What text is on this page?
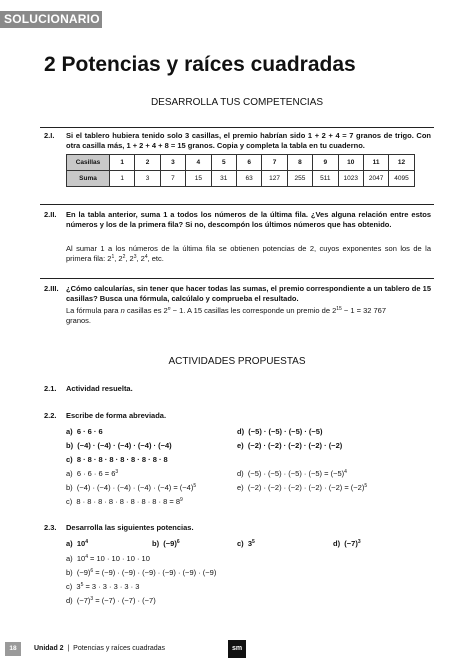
SOLUCIONARIO
2 Potencias y raíces cuadradas
DESARROLLA TUS COMPETENCIAS
2.I. Si el tablero hubiera tenido solo 3 casillas, el premio habrían sido 1 + 2 + 4 = 7 granos de trigo. Con otra casilla más, 1 + 2 + 4 + 8 = 15 granos. Copia y completa la tabla en tu cuaderno.
Casillas	1	2	3	4	5	6	7	8	9	10	11	12
Suma	1	3	7	15	31	63	127	255	511	1023	2047	4095
2.II. En la tabla anterior, suma 1 a todos los números de la última fila. ¿Ves alguna relación entre estos números y los de la primera fila? Si no, descompón los últimos números que has obtenido.
Al sumar 1 a los números de la última fila se obtienen potencias de 2, cuyos exponentes son los de la primera fila: $2^1$, $2^2$, $2^3$, $2^4$, etc.
2.III. ¿Cómo calcularías, sin tener que hacer todas las sumas, el premio correspondiente a un tablero de 15 casillas? Busca una fórmula, calcúlalo y comprueba el resultado.
La fórmula para n casillas es $2^n - 1$. A 15 casillas les corresponde un premio de $2^{15} - 1 = 32$ 767
granos.
ACTIVIDADES PROPUESTAS
2.1. Actividad resuelta.
2.2. Escribe de forma abreviada.
a) 6 · 6 · 6
b) (−4) · (−4) · (−4) · (−4) · (−4)
c) 8 · 8 · 8 · 8 · 8 · 8 · 8 · 8 · 8
d) (−5) · (−5) · (−5) · (−5)
e) (−2) · (−2) · (−2) · (−2) · (−2)
a) $6 \cdot 6 \cdot 6 = 6^3$
b) $(-4) \cdot (-4) \cdot (-4) \cdot (-4) \cdot (-4) = (-4)^5$
c) $8 \cdot 8 \cdot 8 \cdot 8 \cdot 8 \cdot 8 \cdot 8 \cdot 8 \cdot 8 = 8^9$
d) $(-5) \cdot (-5) \cdot (-5) \cdot (-5) = (-5)^4$
e) $(-2) \cdot (-2) \cdot (-2) \cdot (-2) \cdot (-2) = (-2)^5$
2.3. Desarrolla las siguientes potencias.
a) $10^4$	b) $(-9)^6$	c) $3^5$	d) $(-7)^3$
a) $10^4 = 10 \cdot 10 \cdot 10 \cdot 10$
b) $(-9)^6 = (-9) \cdot (-9) \cdot (-9) \cdot (-9) \cdot (-9) \cdot (-9)$
c) $3^5 = 3 \cdot 3 \cdot 3 \cdot 3 \cdot 3$
d) $(-7)^3 = (-7) \cdot (-7) \cdot (-7)$
18	Unidad 2 | Potencias y raíces cuadradas	sm
